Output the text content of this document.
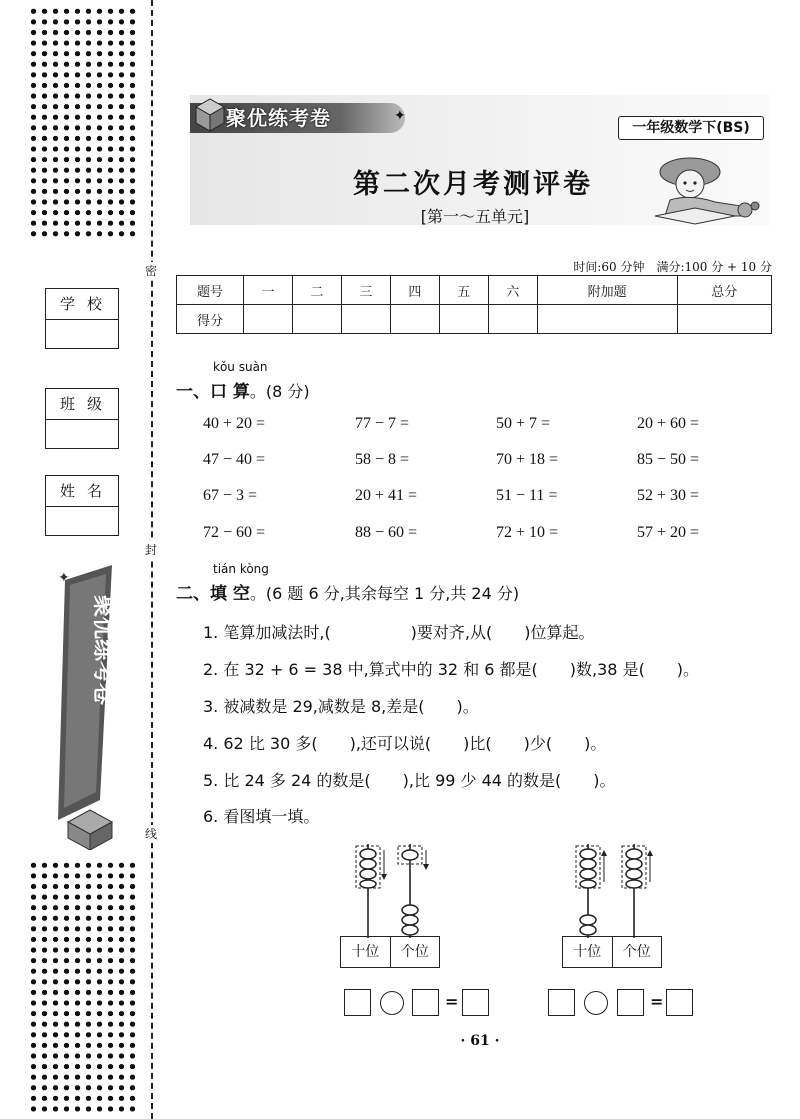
密
封
线
学校
班级
姓名
聚优练考卷
✦
聚优练考卷	✦
一年级数学下(BS)
第二次月考测评卷
[第一～五单元]
时间:60 分钟　满分:100 分 + 10 分
题号	一	二	三	四	五	六	附加题	总分
得分								
kǒu suàn
一、口 算。(8 分)
40 + 20 =	77 − 7 =	50 + 7 =	20 + 60 =
47 − 40 =	58 − 8 =	70 + 18 =	85 − 50 =
67 − 3 =	20 + 41 =	51 − 11 =	52 + 30 =
72 − 60 =	88 − 60 =	72 + 10 =	57 + 20 =
tián kòng
二、填 空。(6 题 6 分,其余每空 1 分,共 24 分)
1. 笔算加减法时,(　　　　　)要对齐,从(　　)位算起。
2. 在 32 + 6 = 38 中,算式中的 32 和 6 都是(　　)数,38 是(　　)。
3. 被减数是 29,减数是 8,差是(　　)。
4. 62 比 30 多(　　),还可以说(　　)比(　　)少(　　)。
5. 比 24 多 24 的数是(　　),比 99 少 44 的数是(　　)。
6. 看图填一填。
十位	个位	十位	个位
=	=
· 61 ·
